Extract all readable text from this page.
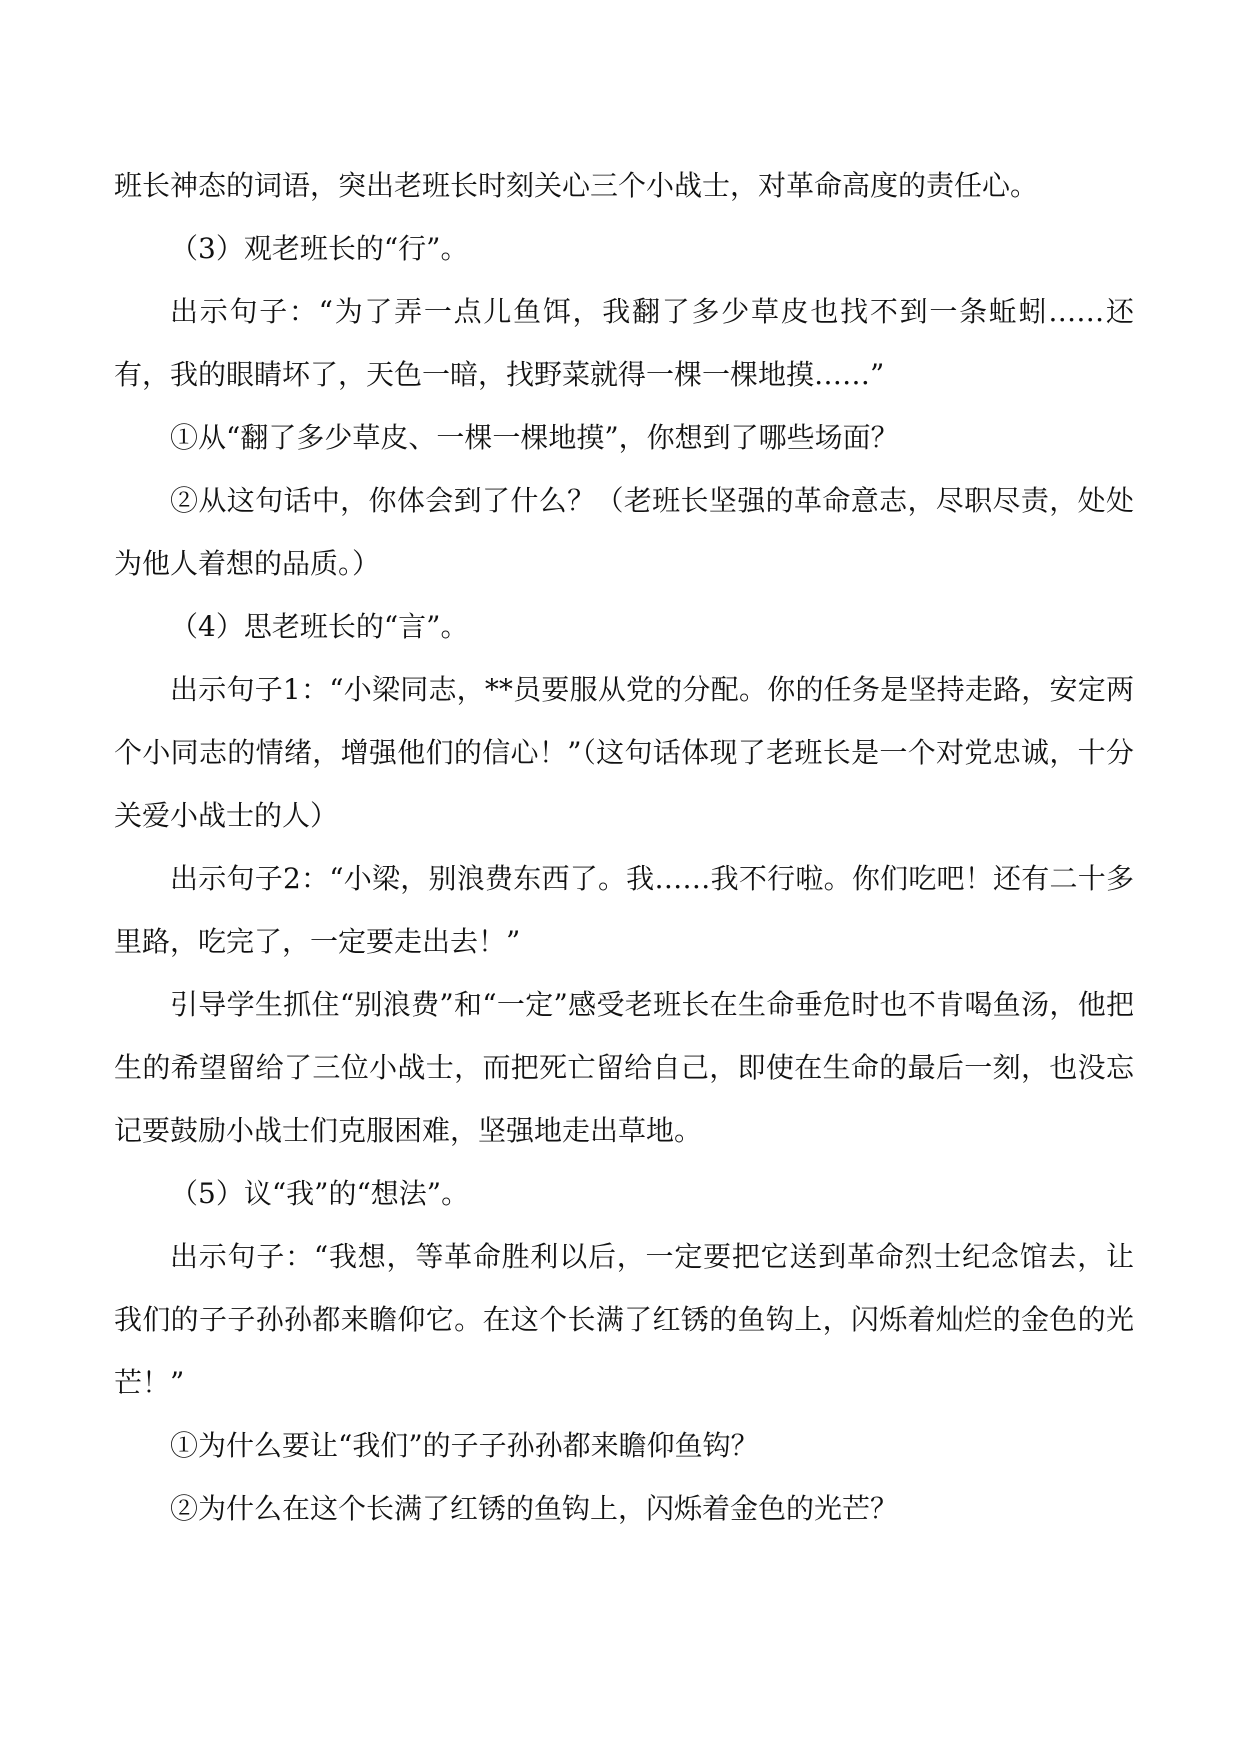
班长神态的词语，突出老班长时刻关心三个小战士，对革命高度的责任心。

（3）观老班长的“行”。

出示句子：“为了弄一点儿鱼饵，我翻了多少草皮也找不到一条蚯蚓……还有，我的眼睛坏了，天色一暗，找野菜就得一棵一棵地摸……”

①从“翻了多少草皮、一棵一棵地摸”，你想到了哪些场面？

②从这句话中，你体会到了什么？（老班长坚强的革命意志，尽职尽责，处处为他人着想的品质。）

（4）思老班长的“言”。

出示句子1：“小梁同志，**员要服从党的分配。你的任务是坚持走路，安定两个小同志的情绪，增强他们的信心！”（这句话体现了老班长是一个对党忠诚，十分关爱小战士的人）

出示句子2：“小梁，别浪费东西了。我……我不行啦。你们吃吧！还有二十多里路，吃完了，一定要走出去！”

引导学生抓住“别浪费”和“一定”感受老班长在生命垂危时也不肯喝鱼汤，他把生的希望留给了三位小战士，而把死亡留给自己，即使在生命的最后一刻，也没忘记要鼓励小战士们克服困难，坚强地走出草地。

（5）议“我”的“想法”。

出示句子：“我想，等革命胜利以后，一定要把它送到革命烈士纪念馆去，让我们的子子孙孙都来瞻仰它。在这个长满了红锈的鱼钩上，闪烁着灿烂的金色的光芒！”

①为什么要让“我们”的子子孙孙都来瞻仰鱼钩？

②为什么在这个长满了红锈的鱼钩上，闪烁着金色的光芒？
